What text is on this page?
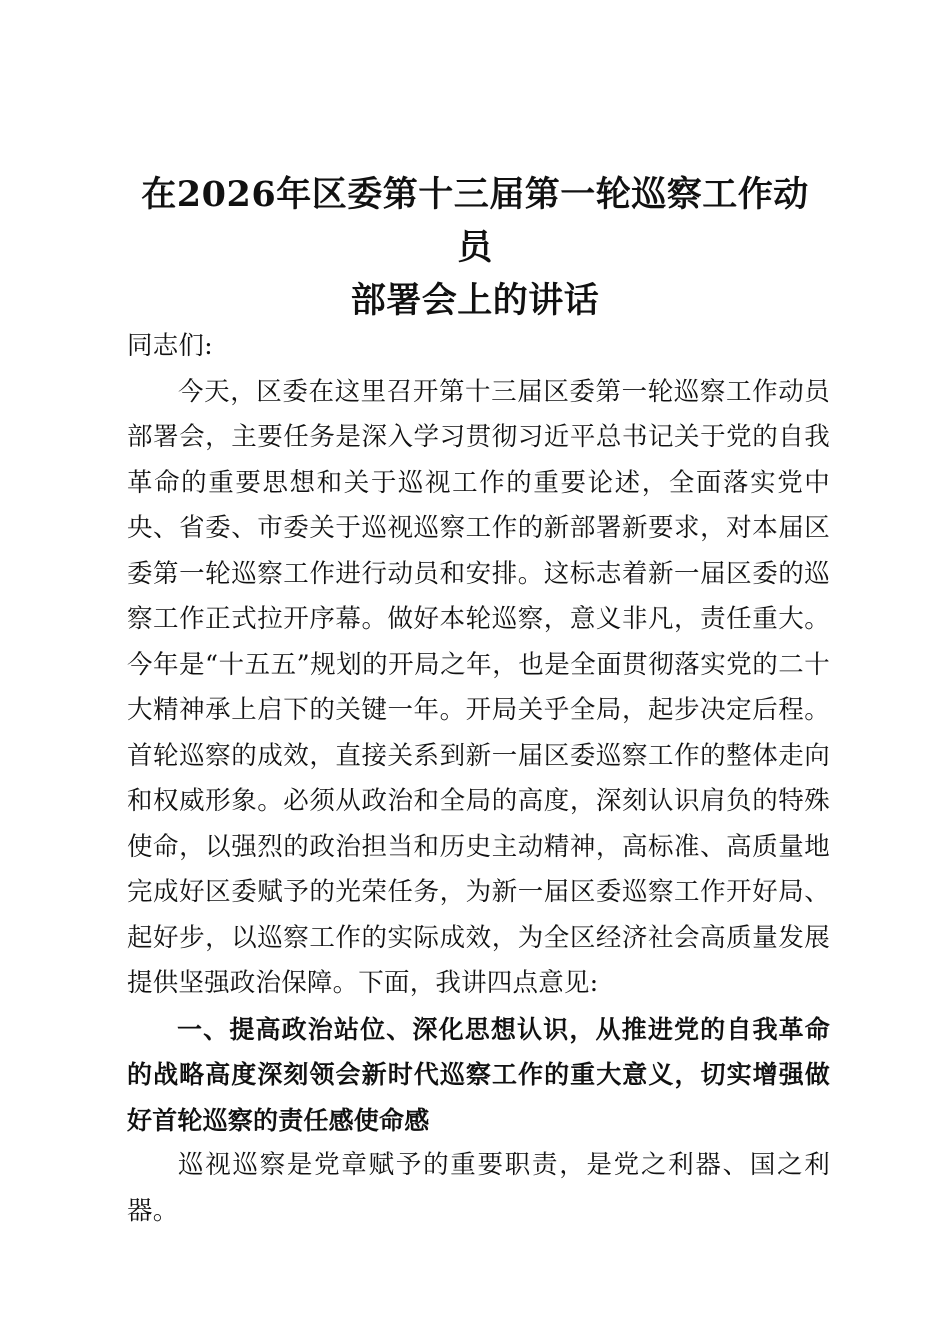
在2026年区委第十三届第一轮巡察工作动员
部署会上的讲话

同志们:

今天，区委在这里召开第十三届区委第一轮巡察工作动员部署会，主要任务是深入学习贯彻习近平总书记关于党的自我革命的重要思想和关于巡视工作的重要论述，全面落实党中央、省委、市委关于巡视巡察工作的新部署新要求，对本届区委第一轮巡察工作进行动员和安排。这标志着新一届区委的巡察工作正式拉开序幕。做好本轮巡察，意义非凡，责任重大。今年是“十五五”规划的开局之年，也是全面贯彻落实党的二十大精神承上启下的关键一年。开局关乎全局，起步决定后程。首轮巡察的成效，直接关系到新一届区委巡察工作的整体走向和权威形象。必须从政治和全局的高度，深刻认识肩负的特殊使命，以强烈的政治担当和历史主动精神，高标准、高质量地完成好区委赋予的光荣任务，为新一届区委巡察工作开好局、起好步，以巡察工作的实际成效，为全区经济社会高质量发展提供坚强政治保障。下面，我讲四点意见:

一、提高政治站位、深化思想认识，从推进党的自我革命的战略高度深刻领会新时代巡察工作的重大意义，切实增强做好首轮巡察的责任感使命感

巡视巡察是党章赋予的重要职责，是党之利器、国之利器。
